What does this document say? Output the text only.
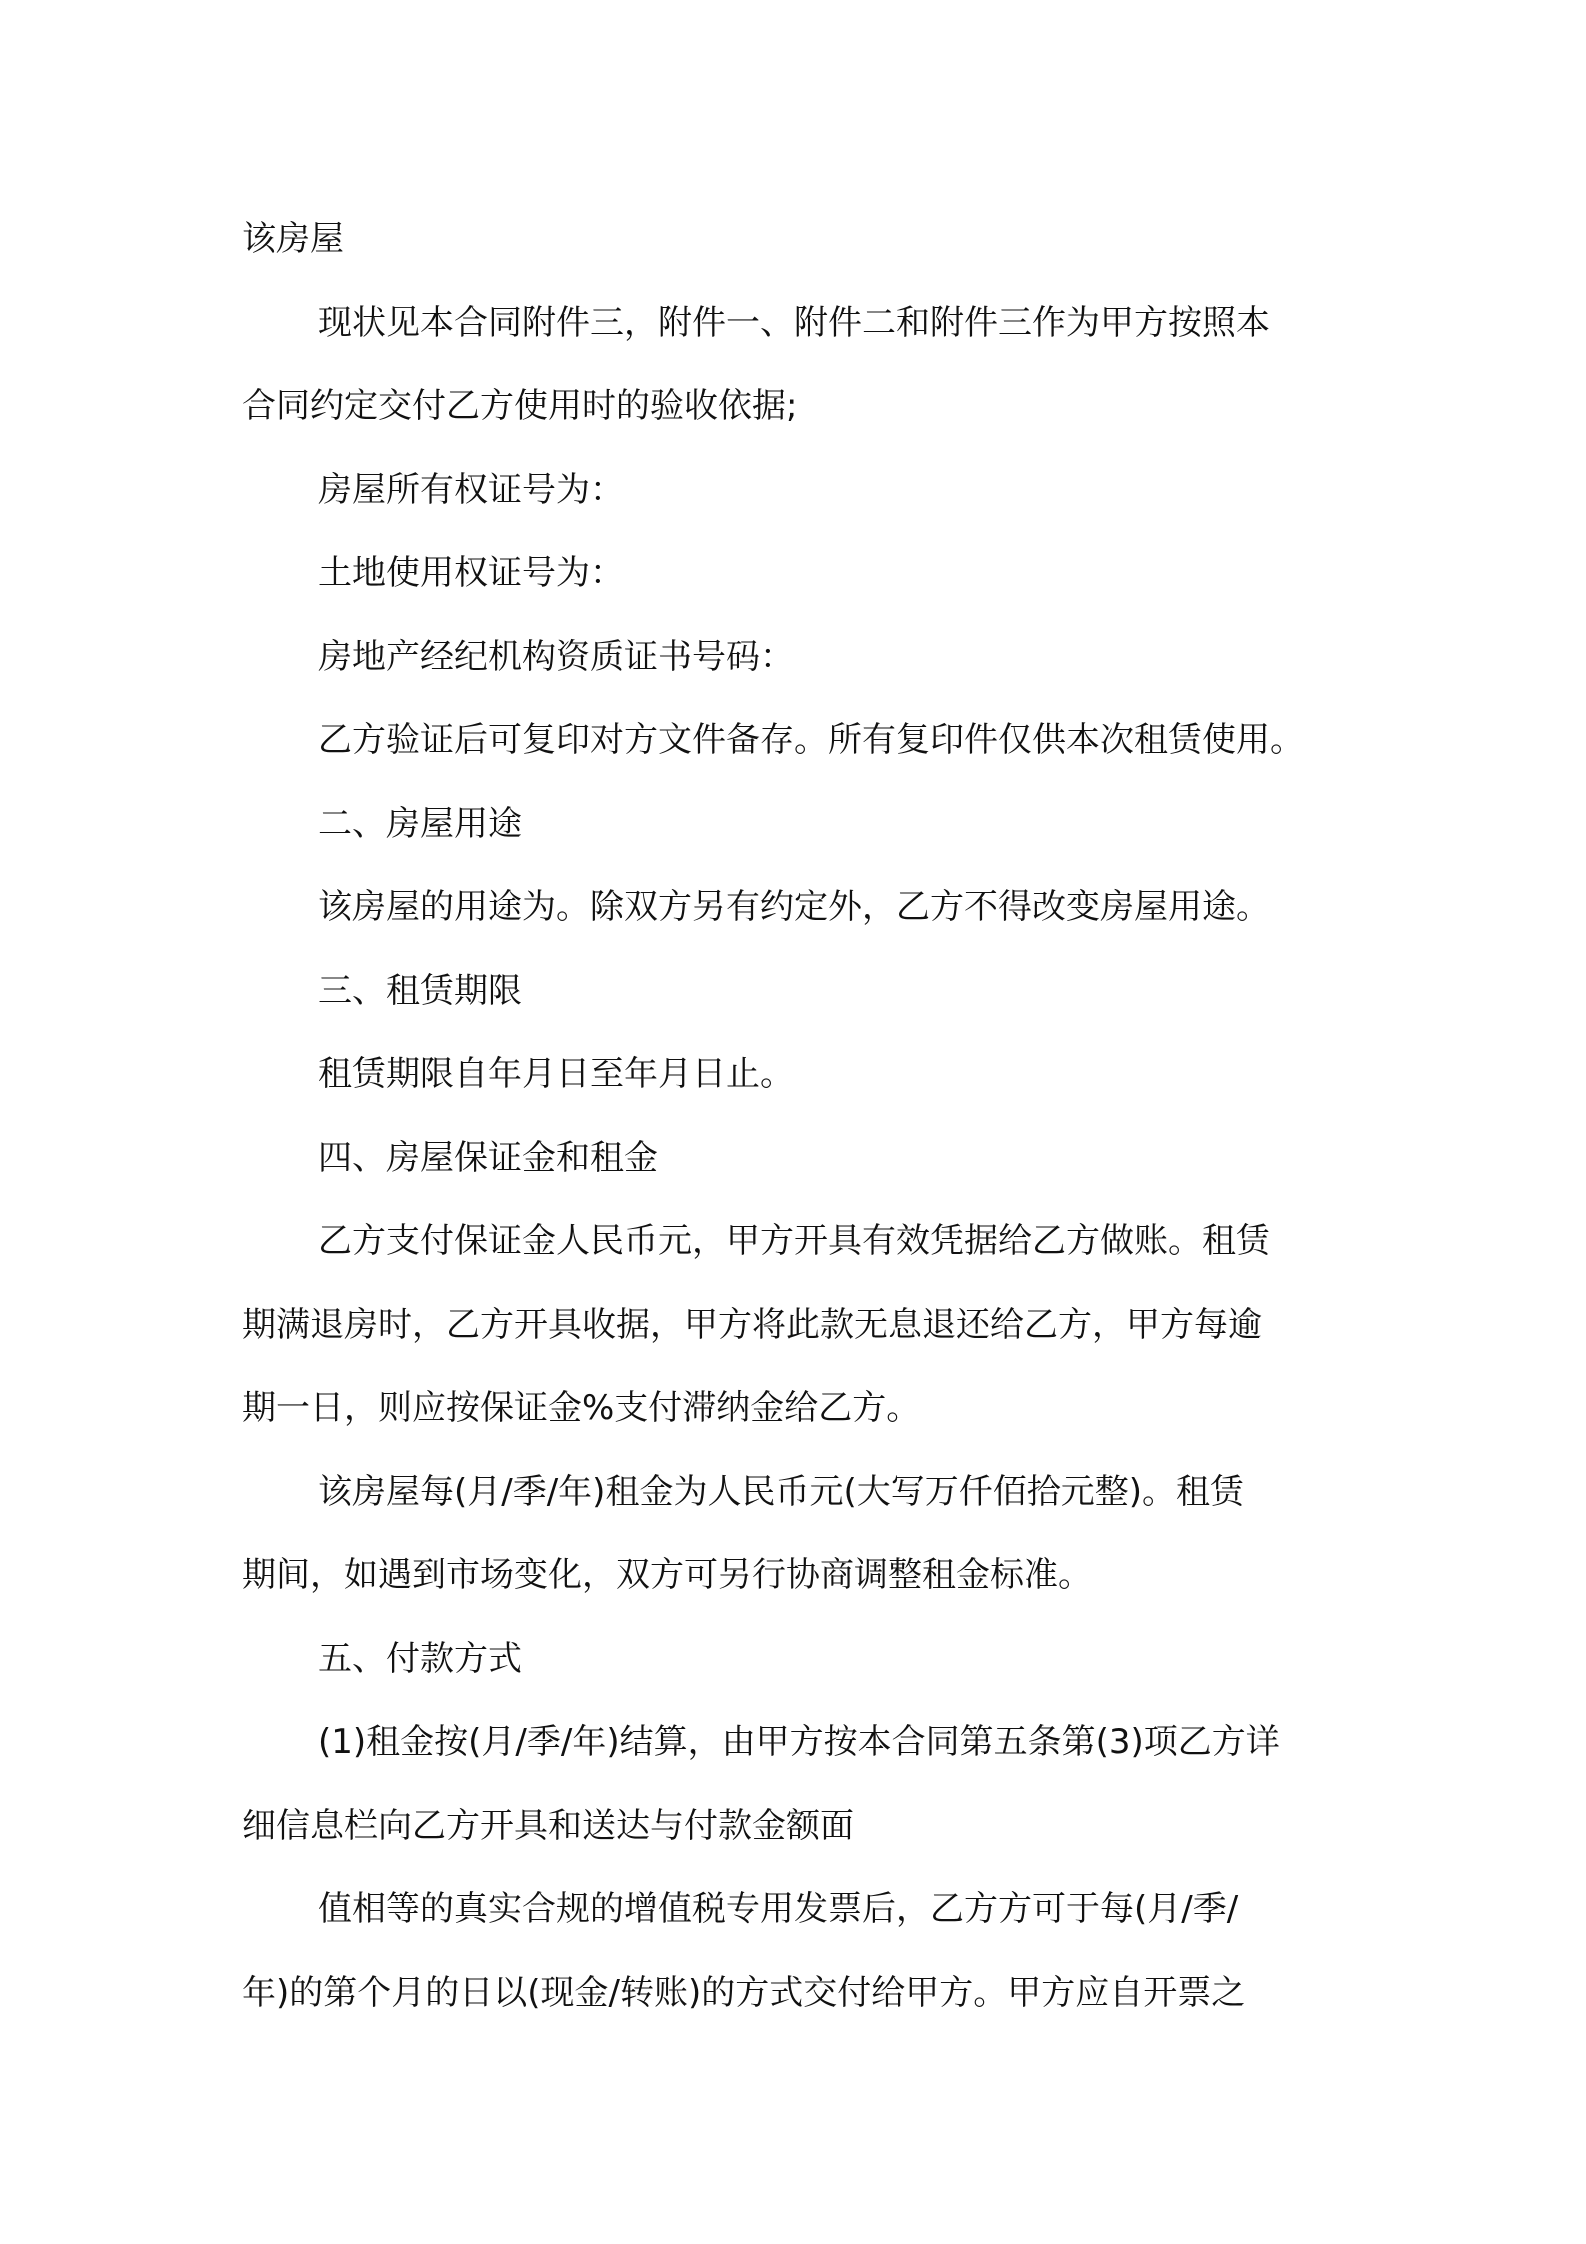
该房屋
现状见本合同附件三，附件一、附件二和附件三作为甲方按照本
合同约定交付乙方使用时的验收依据;
房屋所有权证号为：
土地使用权证号为：
房地产经纪机构资质证书号码：
乙方验证后可复印对方文件备存。所有复印件仅供本次租赁使用。
二、房屋用途
该房屋的用途为。除双方另有约定外，乙方不得改变房屋用途。
三、租赁期限
租赁期限自年月日至年月日止。
四、房屋保证金和租金
乙方支付保证金人民币元，甲方开具有效凭据给乙方做账。租赁
期满退房时，乙方开具收据，甲方将此款无息退还给乙方，甲方每逾
期一日，则应按保证金%支付滞纳金给乙方。
该房屋每(月/季/年)租金为人民币元(大写万仟佰拾元整)。租赁
期间，如遇到市场变化，双方可另行协商调整租金标准。
五、付款方式
(1)租金按(月/季/年)结算，由甲方按本合同第五条第(3)项乙方详
细信息栏向乙方开具和送达与付款金额面
值相等的真实合规的增值税专用发票后，乙方方可于每(月/季/
年)的第个月的日以(现金/转账)的方式交付给甲方。甲方应自开票之
